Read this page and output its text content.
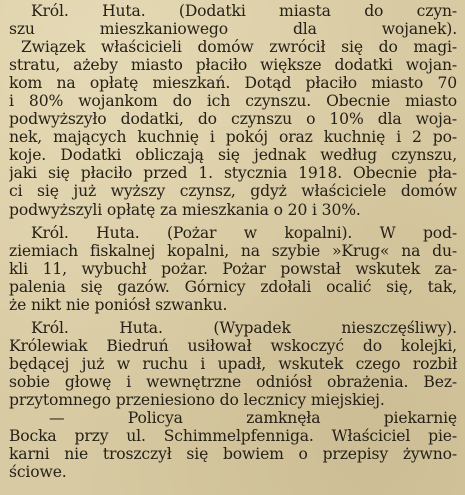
Król. Huta. (Dodatki miasta do czyn-
szu mieszkaniowego dla wojanek).
Związek właścicieli domów zwrócił się do magi-
stratu, ażeby miasto płaciło większe dodatki wojan-
kom na opłatę mieszkań. Dotąd płaciło miasto 70
i 80% wojankom do ich czynszu. Obecnie miasto
podwyższyło dodatki, do czynszu o 10% dla woja-
nek, mających kuchnię i pokój oraz kuchnię i 2 po-
koje. Dodatki obliczają się jednak według czynszu,
jaki się płaciło przed 1. stycznia 1918. Obecnie pła-
ci się już wyższy czynsz, gdyż właściciele domów
podwyższyli opłatę za mieszkania o 20 i 30%.
Król. Huta. (Pożar w kopalni). W pod-
ziemiach fiskalnej kopalni, na szybie »Krug« na du-
kli 11, wybuchł pożar. Pożar powstał wskutek za-
palenia się gazów. Górnicy zdołali ocalić się, tak,
że nikt nie poniósł szwanku.
Król. Huta. (Wypadek nieszczęśliwy).
Królewiak Biedruń usiłował wskoczyć do kolejki,
będącej już w ruchu i upadł, wskutek czego rozbił
sobie głowę i wewnętrzne odniósł obrażenia. Bez-
przytomnego przeniesiono do lecznicy miejskiej.
— Policya zamknęła piekarnię
Bocka przy ul. Schimmelpfenniga. Właściciel pie-
karni nie troszczył się bowiem o przepisy żywno-
ściowe.
